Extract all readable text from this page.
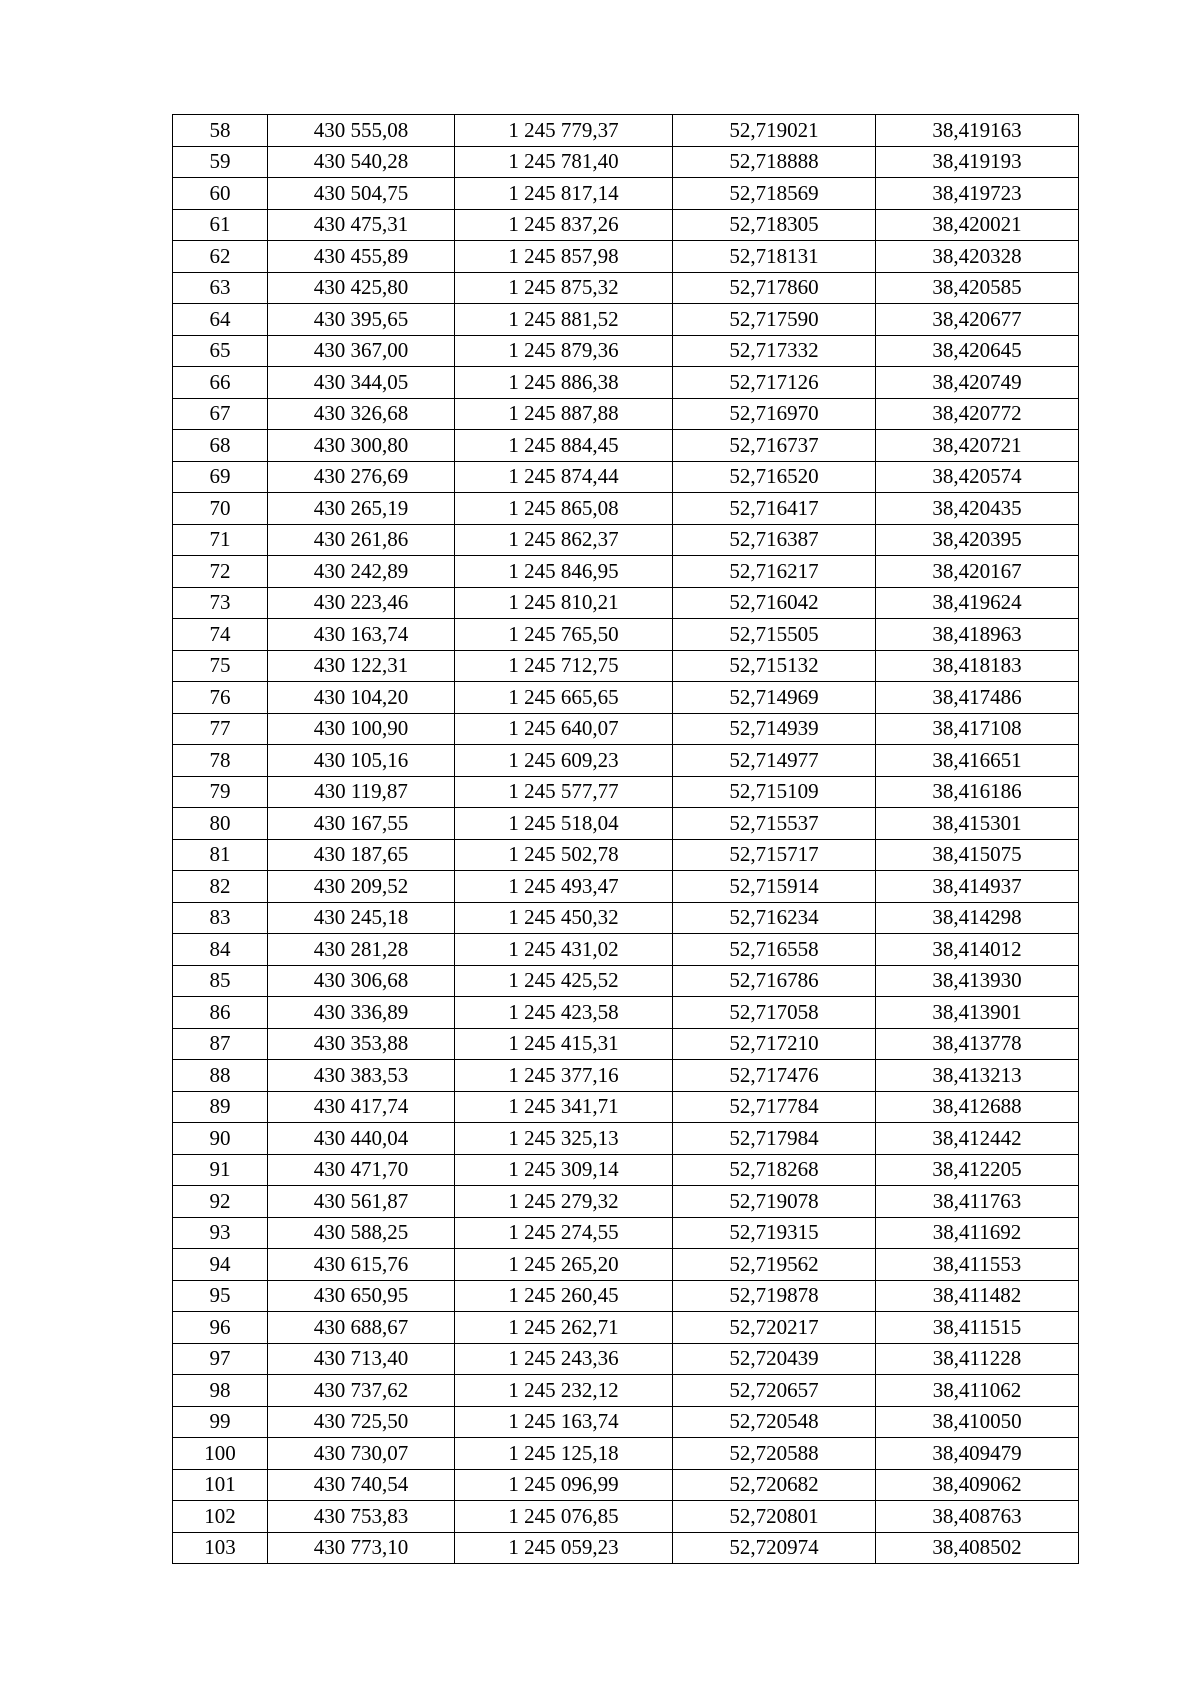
58	430 555,08	1 245 779,37	52,719021	38,419163
59	430 540,28	1 245 781,40	52,718888	38,419193
60	430 504,75	1 245 817,14	52,718569	38,419723
61	430 475,31	1 245 837,26	52,718305	38,420021
62	430 455,89	1 245 857,98	52,718131	38,420328
63	430 425,80	1 245 875,32	52,717860	38,420585
64	430 395,65	1 245 881,52	52,717590	38,420677
65	430 367,00	1 245 879,36	52,717332	38,420645
66	430 344,05	1 245 886,38	52,717126	38,420749
67	430 326,68	1 245 887,88	52,716970	38,420772
68	430 300,80	1 245 884,45	52,716737	38,420721
69	430 276,69	1 245 874,44	52,716520	38,420574
70	430 265,19	1 245 865,08	52,716417	38,420435
71	430 261,86	1 245 862,37	52,716387	38,420395
72	430 242,89	1 245 846,95	52,716217	38,420167
73	430 223,46	1 245 810,21	52,716042	38,419624
74	430 163,74	1 245 765,50	52,715505	38,418963
75	430 122,31	1 245 712,75	52,715132	38,418183
76	430 104,20	1 245 665,65	52,714969	38,417486
77	430 100,90	1 245 640,07	52,714939	38,417108
78	430 105,16	1 245 609,23	52,714977	38,416651
79	430 119,87	1 245 577,77	52,715109	38,416186
80	430 167,55	1 245 518,04	52,715537	38,415301
81	430 187,65	1 245 502,78	52,715717	38,415075
82	430 209,52	1 245 493,47	52,715914	38,414937
83	430 245,18	1 245 450,32	52,716234	38,414298
84	430 281,28	1 245 431,02	52,716558	38,414012
85	430 306,68	1 245 425,52	52,716786	38,413930
86	430 336,89	1 245 423,58	52,717058	38,413901
87	430 353,88	1 245 415,31	52,717210	38,413778
88	430 383,53	1 245 377,16	52,717476	38,413213
89	430 417,74	1 245 341,71	52,717784	38,412688
90	430 440,04	1 245 325,13	52,717984	38,412442
91	430 471,70	1 245 309,14	52,718268	38,412205
92	430 561,87	1 245 279,32	52,719078	38,411763
93	430 588,25	1 245 274,55	52,719315	38,411692
94	430 615,76	1 245 265,20	52,719562	38,411553
95	430 650,95	1 245 260,45	52,719878	38,411482
96	430 688,67	1 245 262,71	52,720217	38,411515
97	430 713,40	1 245 243,36	52,720439	38,411228
98	430 737,62	1 245 232,12	52,720657	38,411062
99	430 725,50	1 245 163,74	52,720548	38,410050
100	430 730,07	1 245 125,18	52,720588	38,409479
101	430 740,54	1 245 096,99	52,720682	38,409062
102	430 753,83	1 245 076,85	52,720801	38,408763
103	430 773,10	1 245 059,23	52,720974	38,408502
